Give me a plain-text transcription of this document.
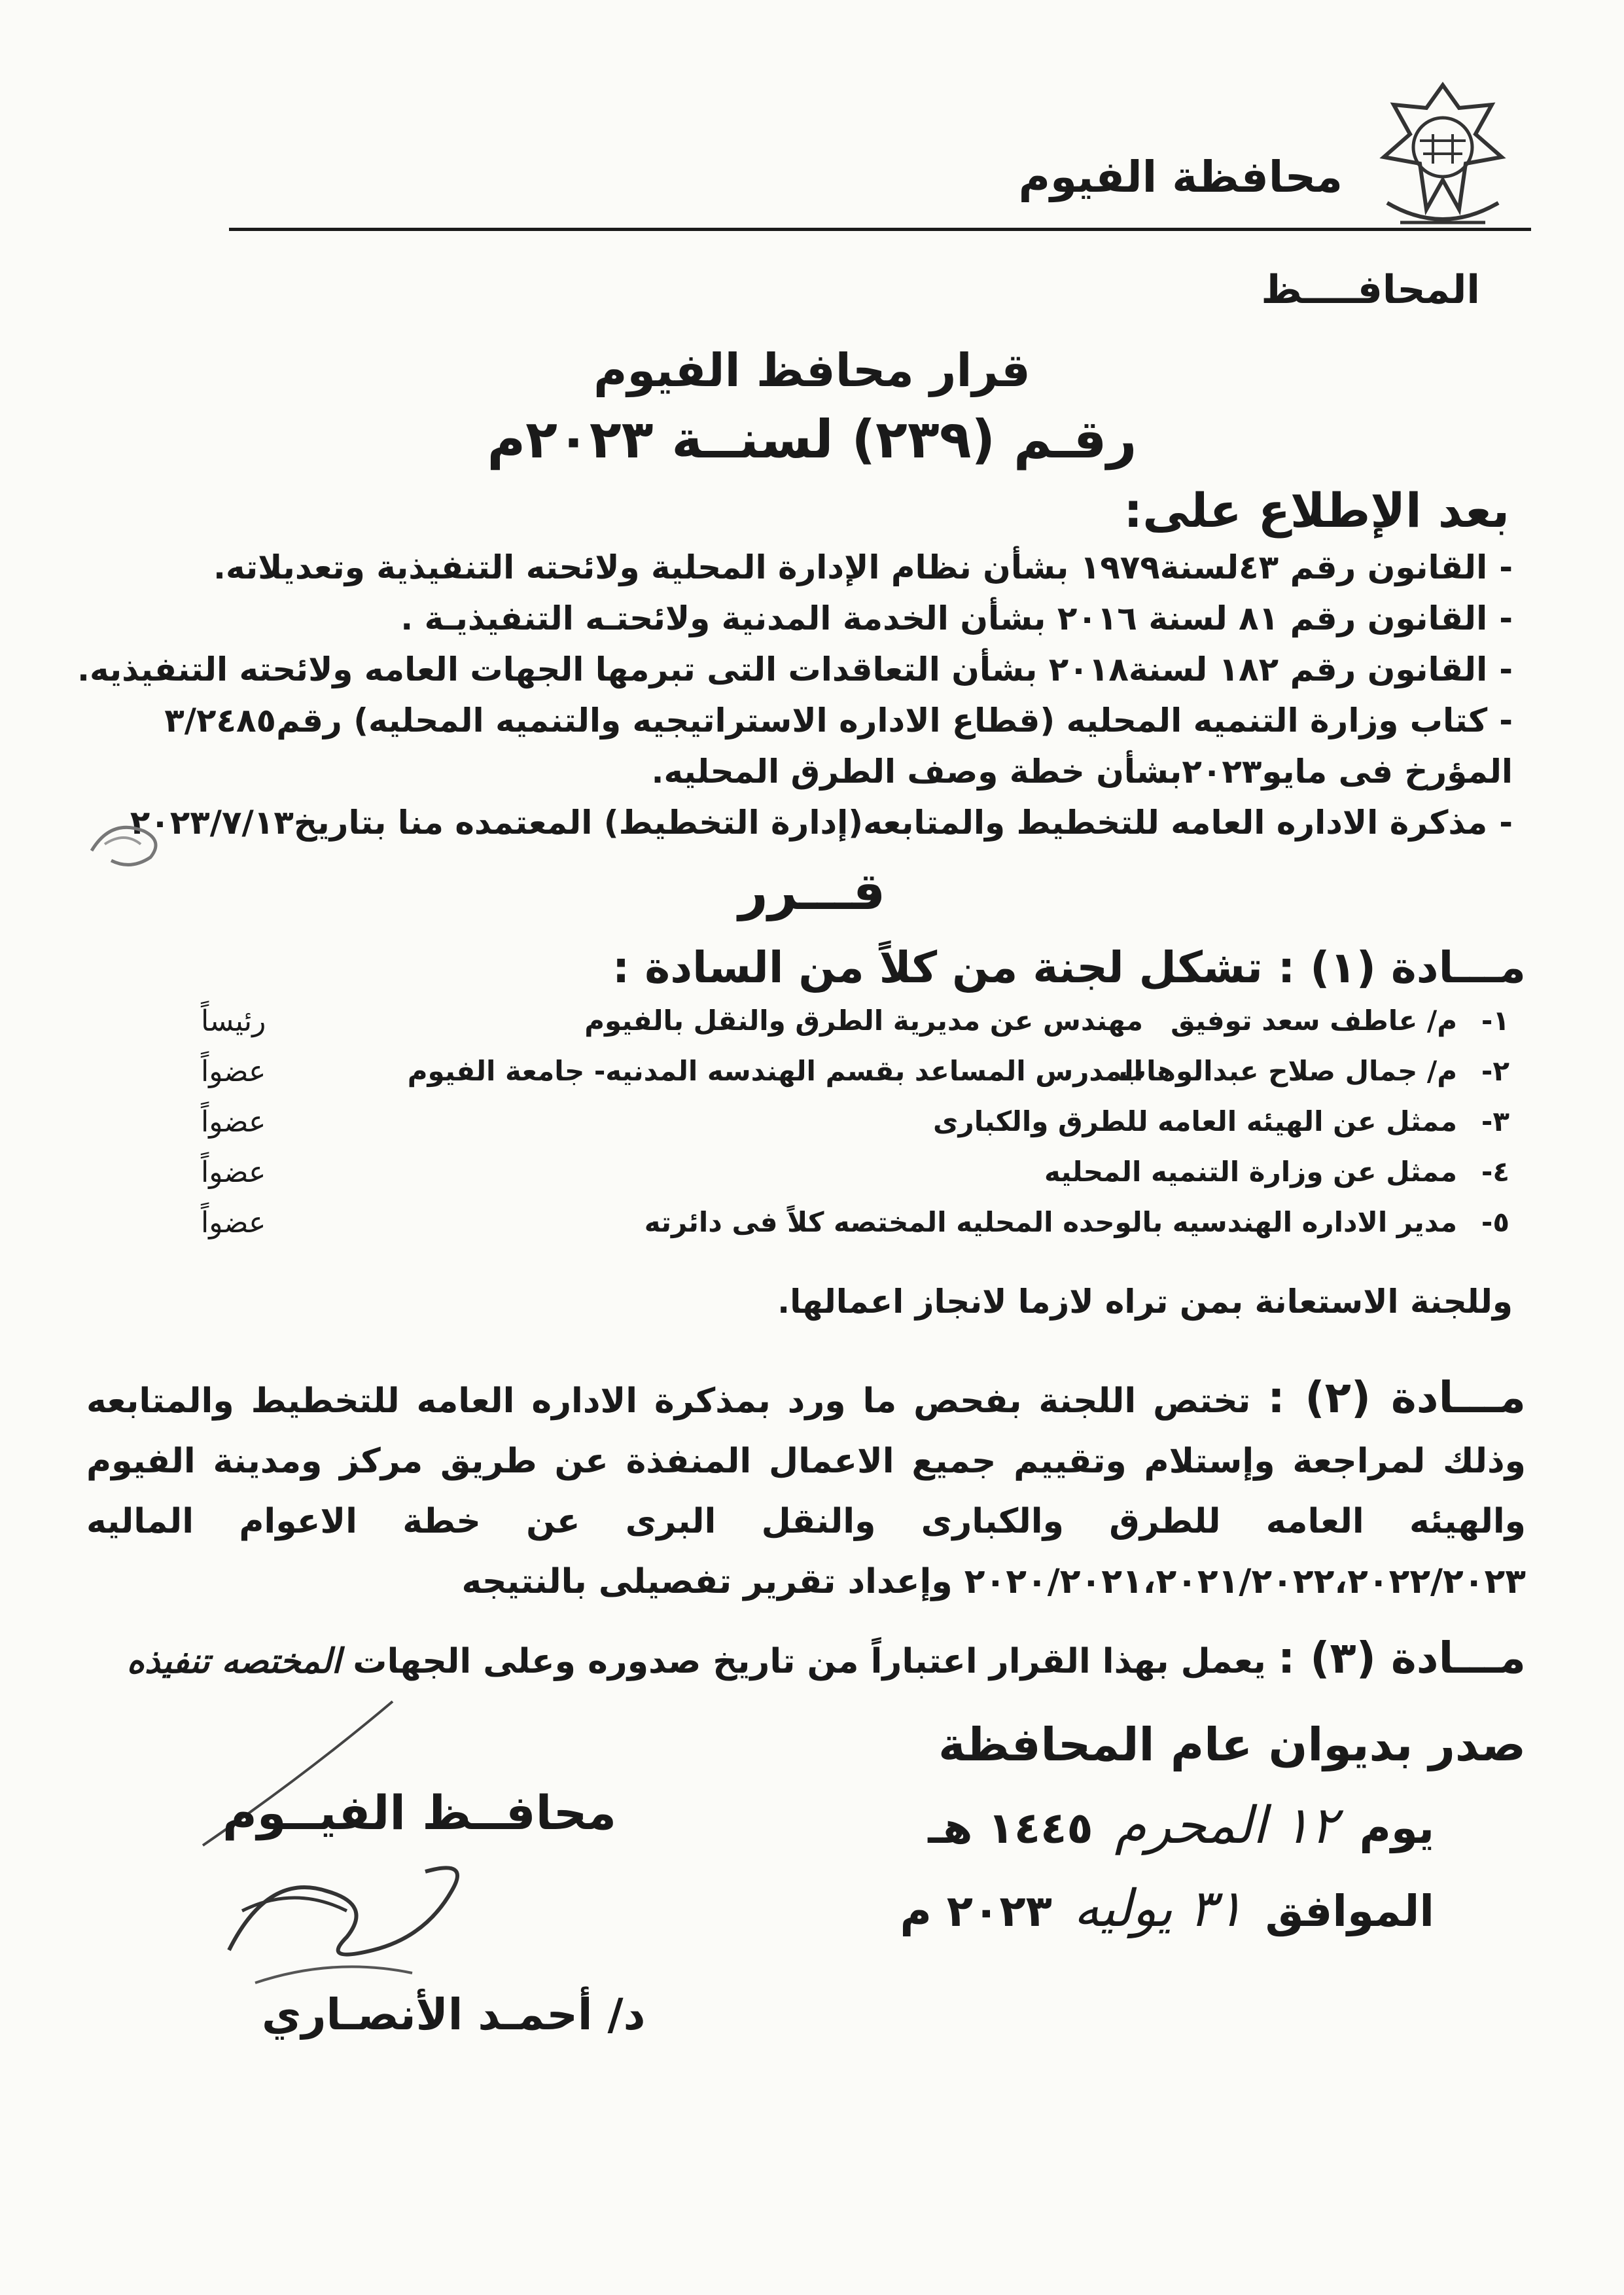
محافظة الفيوم
المحافــــظ
قرار محافظ الفيوم
رقـم (٢٣٩) لسنــة ٢٠٢٣م
بعد الإطلاع على:
-القانون رقم ٤٣لسنة١٩٧٩ بشأن نظام الإدارة المحلية ولائحته التنفيذية وتعديلاته.
-القانون رقم ٨١ لسنة ٢٠١٦ بشأن الخدمة المدنية ولائحتـه التنفيذيـة .
-القانون رقم ١٨٢ لسنة٢٠١٨ بشأن التعاقدات التى تبرمها الجهات العامه ولائحته التنفيذيه.
-كتاب وزارة التنميه المحليه (قطاع الاداره الاستراتيجيه والتنميه المحليه) رقم٣/٢٤٨٥
المؤرخ فى مايو٢٠٢٣بشأن خطة وصف الطرق المحليه.
-مذكرة الاداره العامه للتخطيط والمتابعه(إدارة التخطيط) المعتمده منا بتاريخ٢٠٢٣/٧/١٣
قـــرر
مـــادة (١) : تشكل لجنة من كلاً من السادة :
١-
م/ عاطف سعد توفيق
مهندس عن مديرية الطرق والنقل بالفيوم
رئيساً
٢-
م/ جمال صلاح عبدالوهاب
المدرس المساعد بقسم الهندسه المدنيه- جامعة الفيوم
عضواً
٣-
ممثل عن الهيئه العامه للطرق والكبارى
عضواً
٤-
ممثل عن وزارة التنميه المحليه
عضواً
٥-
مدير الاداره الهندسيه بالوحده المحليه المختصه كلاً فى دائرته
عضواً
وللجنة الاستعانة بمن تراه لازما لانجاز اعمالها.
مـــادة (٢) : تختص اللجنة بفحص ما ورد بمذكرة الاداره العامه للتخطيط والمتابعه وذلك لمراجعة وإستلام وتقييم جميع الاعمال المنفذة عن طريق مركز ومدينة الفيوم والهيئه العامه للطرق والكبارى والنقل البرى عن خطة الاعوام الماليه ٢٠٢٠/٢٠٢١،٢٠٢١/٢٠٢٢،٢٠٢٢/٢٠٢٣ وإعداد تقرير تفصيلى بالنتيجه
مـــادة (٣) : يعمل بهذا القرار اعتباراً من تاريخ صدوره وعلى الجهات المختصه تنفيذه
صدر بديوان عام المحافظة
يوم ١٢ المحرم ١٤٤٥ هـ
الموافق ٣١ يوليه ٢٠٢٣ م
محافــظ الفيــوم
د/ أحمـد الأنصـاري
